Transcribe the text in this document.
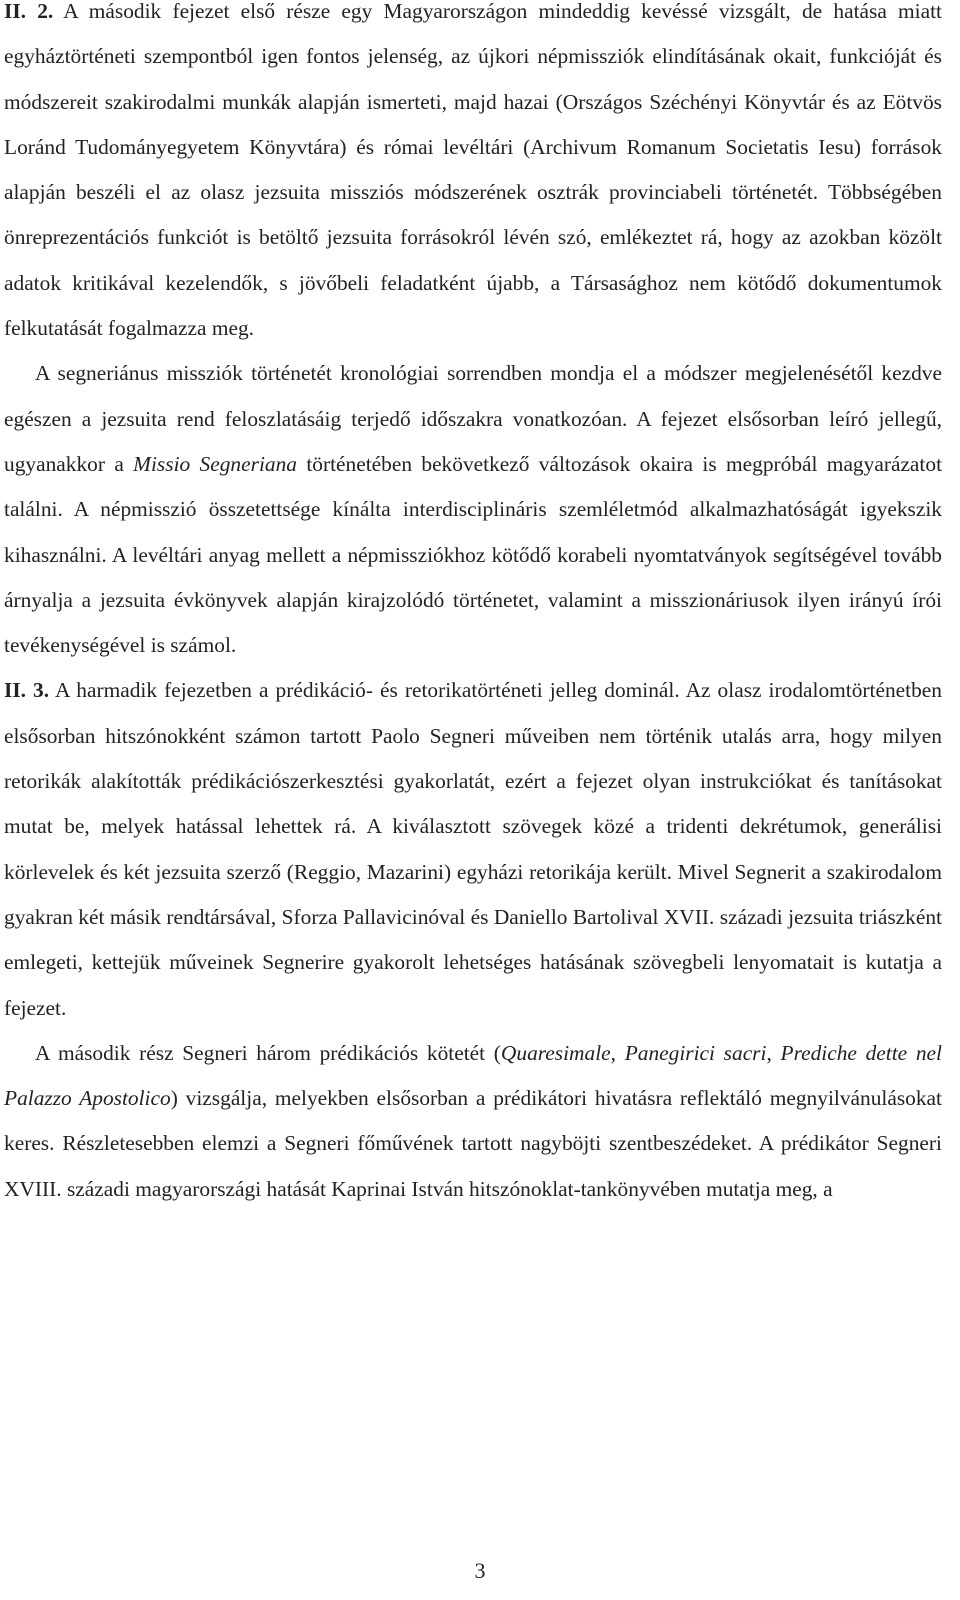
II. 2. A második fejezet első része egy Magyarországon mindeddig kevéssé vizsgált, de hatása miatt egyháztörténeti szempontból igen fontos jelenség, az újkori népmissziók elindításának okait, funkcióját és módszereit szakirodalmi munkák alapján ismerteti, majd hazai (Országos Széchényi Könyvtár és az Eötvös Loránd Tudományegyetem Könyvtára) és római levéltári (Archivum Romanum Societatis Iesu) források alapján beszéli el az olasz jezsuita missziós módszerének osztrák provinciabeli történetét. Többségében önreprezentációs funkciót is betöltő jezsuita forrásokról lévén szó, emlékeztet rá, hogy az azokban közölt adatok kritikával kezelendők, s jövőbeli feladatként újabb, a Társasághoz nem kötődő dokumentumok felkutatását fogalmazza meg.

A segneriánus missziók történetét kronológiai sorrendben mondja el a módszer megjelenésétől kezdve egészen a jezsuita rend feloszlatásáig terjedő időszakra vonatkozóan. A fejezet elsősorban leíró jellegű, ugyanakkor a Missio Segneriana történetében bekövetkező változások okaira is megpróbál magyarázatot találni. A népmisszió összetettsége kínálta interdisciplináris szemléletmód alkalmazhatóságát igyekszik kihasználni. A levéltári anyag mellett a népmissziókhoz kötődő korabeli nyomtatványok segítségével tovább árnyalja a jezsuita évkönyvek alapján kirajzolódó történetet, valamint a misszionáriusok ilyen irányú írói tevékenységével is számol.

II. 3. A harmadik fejezetben a prédikáció- és retorikatörténeti jelleg dominál. Az olasz irodalomtörténetben elsősorban hitszónokként számon tartott Paolo Segneri műveiben nem történik utalás arra, hogy milyen retorikák alakították prédikációszerkesztési gyakorlatát, ezért a fejezet olyan instrukciókat és tanításokat mutat be, melyek hatással lehettek rá. A kiválasztott szövegek közé a tridenti dekrétumok, generálisi körlevelek és két jezsuita szerző (Reggio, Mazarini) egyházi retorikája került. Mivel Segnerit a szakirodalom gyakran két másik rendtársával, Sforza Pallavicinóval és Daniello Bartolival XVII. századi jezsuita triászként emlegeti, kettejük műveinek Segnerire gyakorolt lehetséges hatásának szövegbeli lenyomatait is kutatja a fejezet.

A második rész Segneri három prédikációs kötetét (Quaresimale, Panegirici sacri, Prediche dette nel Palazzo Apostolico) vizsgálja, melyekben elsősorban a prédikátori hivatásra reflektáló megnyilvánulásokat keres. Részletesebben elemzi a Segneri főművének tartott nagyböjti szentbeszédeket. A prédikátor Segneri XVIII. századi magyarországi hatását Kaprinai István hitszónoklat-tankönyvében mutatja meg, a

3
